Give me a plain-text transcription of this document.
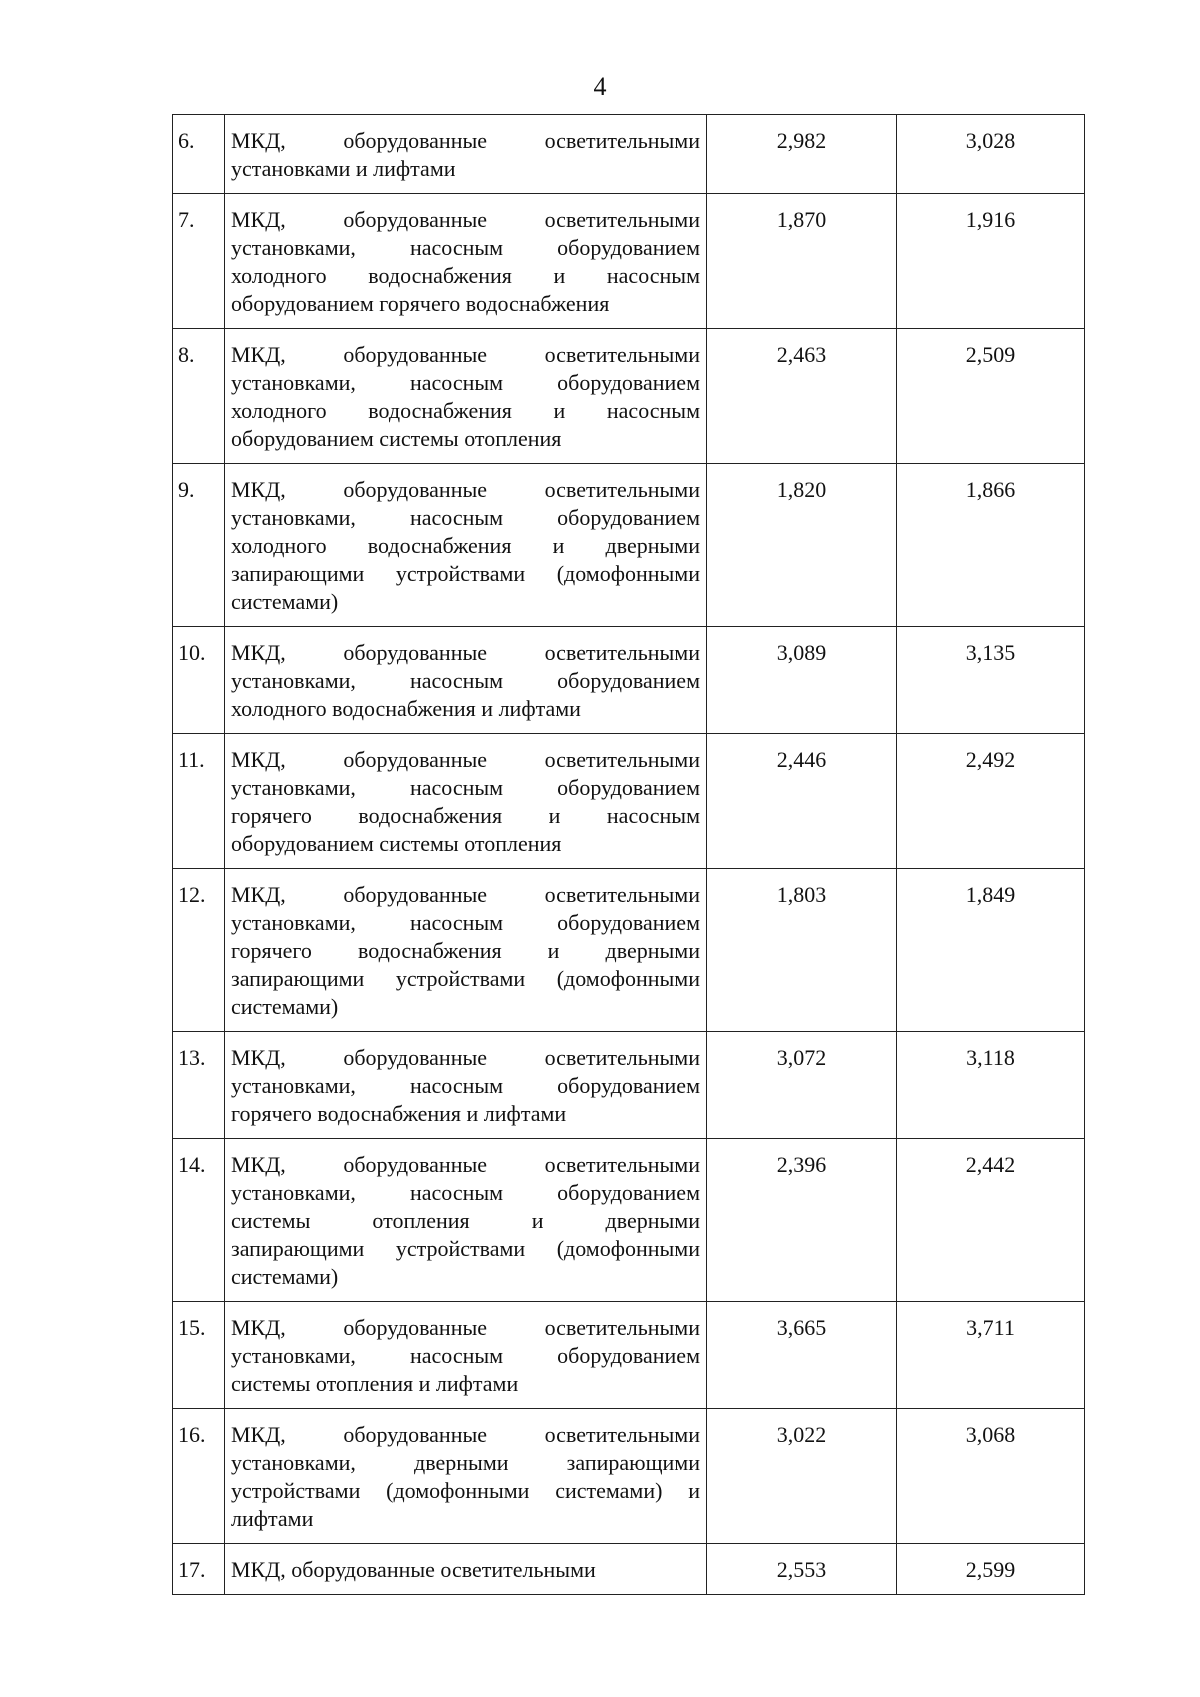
4
6.	МКД, оборудованные осветительными
установками и лифтами	2,982	3,028
7.	МКД, оборудованные осветительными
установками, насосным оборудованием
холодного водоснабжения и насосным
оборудованием горячего водоснабжения	1,870	1,916
8.	МКД, оборудованные осветительными
установками, насосным оборудованием
холодного водоснабжения и насосным
оборудованием системы отопления	2,463	2,509
9.	МКД, оборудованные осветительными
установками, насосным оборудованием
холодного водоснабжения и дверными
запирающими устройствами (домофонными
системами)	1,820	1,866
10.	МКД, оборудованные осветительными
установками, насосным оборудованием
холодного водоснабжения и лифтами	3,089	3,135
11.	МКД, оборудованные осветительными
установками, насосным оборудованием
горячего водоснабжения и насосным
оборудованием системы отопления	2,446	2,492
12.	МКД, оборудованные осветительными
установками, насосным оборудованием
горячего водоснабжения и дверными
запирающими устройствами (домофонными
системами)	1,803	1,849
13.	МКД, оборудованные осветительными
установками, насосным оборудованием
горячего водоснабжения и лифтами	3,072	3,118
14.	МКД, оборудованные осветительными
установками, насосным оборудованием
системы отопления и дверными
запирающими устройствами (домофонными
системами)	2,396	2,442
15.	МКД, оборудованные осветительными
установками, насосным оборудованием
системы отопления и лифтами	3,665	3,711
16.	МКД, оборудованные осветительными
установками, дверными запирающими
устройствами (домофонными системами) и
лифтами	3,022	3,068
17.	МКД, оборудованные осветительными	2,553	2,599
